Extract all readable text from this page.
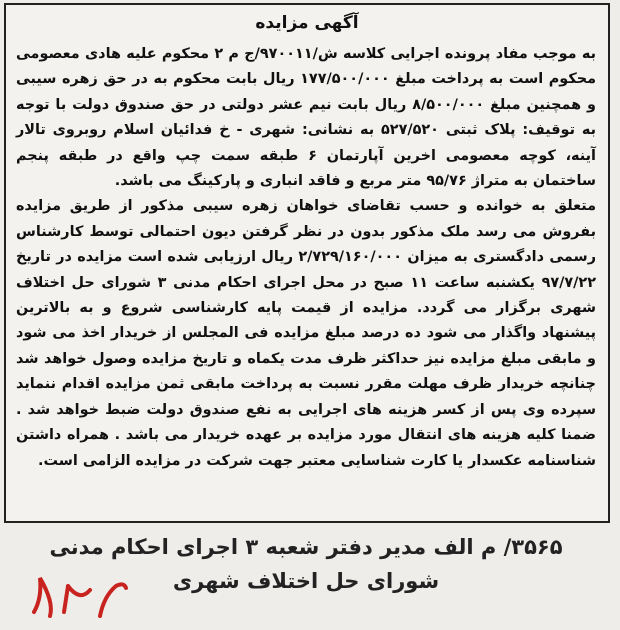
آگهی مزایده

به موجب مفاد پرونده اجرایی کلاسه ش/۹۷۰۰۱۱/ج م ۲ محکوم علیه هادی معصومی محکوم است به پرداخت مبلغ ۱۷۷/۵۰۰/۰۰۰ ریال بابت محکوم به در حق زهره سیبی و همچنین مبلغ ۸/۵۰۰/۰۰۰ ریال بابت نیم عشر دولتی در حق صندوق دولت با توجه به توقیف: پلاک ثبتی ۵۲۷/۵۲۰ به نشانی: شهری - خ فدائیان اسلام روبروی تالار آینه، کوچه معصومی اخرین آپارتمان ۶ طبقه سمت چپ واقع در طبقه پنجم ساختمان به متراژ ۹۵/۷۶ متر مربع و فاقد انباری و پارکینگ می باشد.

متعلق به خوانده و حسب تقاضای خواهان زهره سیبی مذکور از طریق مزایده بفروش می رسد ملک مذکور بدون در نظر گرفتن دیون احتمالی توسط کارشناس رسمی دادگستری به میزان ۲/۷۲۹/۱۶۰/۰۰۰ ریال ارزیابی شده است مزایده در تاریخ ۹۷/۷/۲۲ یکشنبه ساعت ۱۱ صبح در محل اجرای احکام مدنی ۳ شورای حل اختلاف شهری برگزار می گردد. مزایده از قیمت پایه کارشناسی شروع و به بالاترین پیشنهاد واگذار می شود ده درصد مبلغ مزایده فی المجلس از خریدار اخذ می شود و مابقی مبلغ مزایده نیز حداکثر ظرف مدت یکماه و تاریخ مزایده وصول خواهد شد چنانچه خریدار ظرف مهلت مقرر نسبت به پرداخت مابقی ثمن مزایده اقدام ننماید سپرده وی پس از کسر هزینه های اجرایی به نفع صندوق دولت ضبط خواهد شد . ضمنا کلیه هزینه های انتقال مورد مزایده بر عهده خریدار می باشد . همراه داشتن شناسنامه عکسدار یا کارت شناسایی معتبر جهت شرکت در مزایده الزامی است.

۳۵۶۵/ م الف مدیر دفتر شعبه ۳ اجرای احکام مدنی
شورای حل اختلاف شهری
